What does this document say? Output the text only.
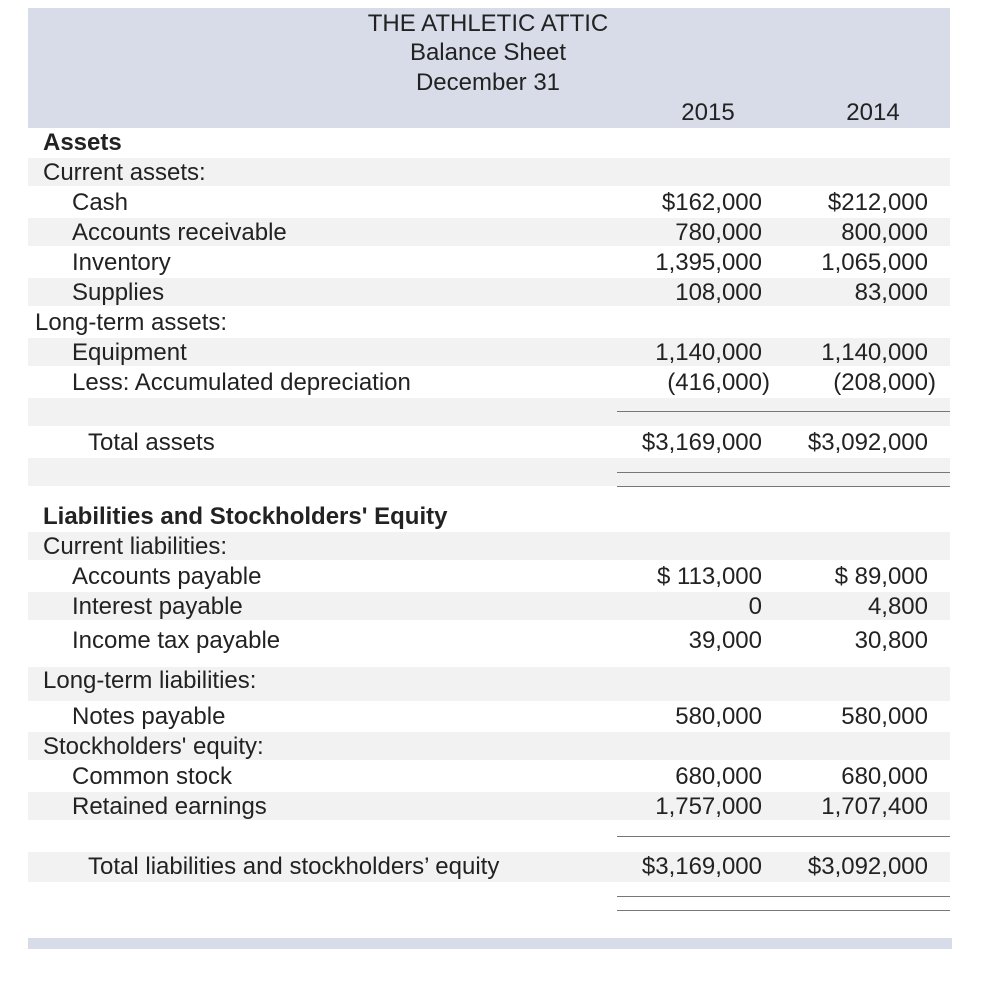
THE ATHLETIC ATTIC
Balance Sheet
December 31
2015	2014
Assets
Current assets:
Cash	$162,000	$212,000
Accounts receivable	780,000	800,000
Inventory	1,395,000	1,065,000
Supplies	108,000	83,000
Long-term assets:
Equipment	1,140,000	1,140,000
Less: Accumulated depreciation	(416,000)	(208,000)
Total assets	$3,169,000	$3,092,000
Liabilities and Stockholders' Equity
Current liabilities:
Accounts payable	$ 113,000	$ 89,000
Interest payable	0	4,800
Income tax payable	39,000	30,800
Long-term liabilities:
Notes payable	580,000	580,000
Stockholders' equity:
Common stock	680,000	680,000
Retained earnings	1,757,000	1,707,400
Total liabilities and stockholders’ equity	$3,169,000	$3,092,000
